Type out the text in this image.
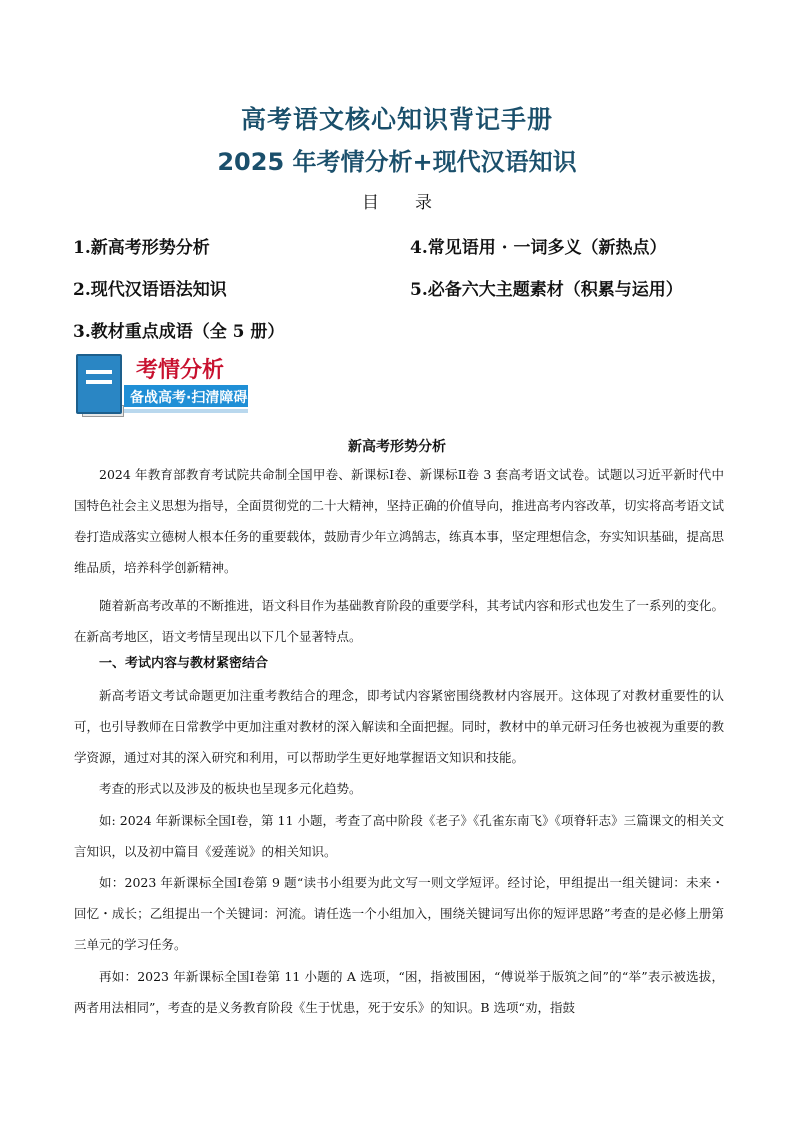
高考语文核心知识背记手册
2025 年考情分析+现代汉语知识
目录
1.新高考形势分析
2.现代汉语语法知识
3.教材重点成语（全 5 册）
4.常见语用 · 一词多义（新热点）
5.必备六大主题素材（积累与运用）
考情分析
备战高考·扫清障碍
新高考形势分析
2024 年教育部教育考试院共命制全国甲卷、新课标Ⅰ卷、新课标Ⅱ卷 3 套高考语文试卷。试题以习近平新时代中国特色社会主义思想为指导，全面贯彻党的二十大精神，坚持正确的价值导向，推进高考内容改革，切实将高考语文试卷打造成落实立德树人根本任务的重要载体，鼓励青少年立鸿鹄志，练真本事，坚定理想信念，夯实知识基础，提高思维品质，培养科学创新精神。
随着新高考改革的不断推进，语文科目作为基础教育阶段的重要学科，其考试内容和形式也发生了一系列的变化。在新高考地区，语文考情呈现出以下几个显著特点。
一、考试内容与教材紧密结合
新高考语文考试命题更加注重考教结合的理念，即考试内容紧密围绕教材内容展开。这体现了对教材重要性的认可，也引导教师在日常教学中更加注重对教材的深入解读和全面把握。同时，教材中的单元研习任务也被视为重要的教学资源，通过对其的深入研究和利用，可以帮助学生更好地掌握语文知识和技能。
考查的形式以及涉及的板块也呈现多元化趋势。
如: 2024 年新课标全国Ⅰ卷，第 11 小题，考查了高中阶段《老子》《孔雀东南飞》《项脊轩志》三篇课文的相关文言知识，以及初中篇目《爱莲说》的相关知识。
如：2023 年新课标全国Ⅰ卷第 9 题“读书小组要为此文写一则文学短评。经讨论，甲组提出一组关键词：未来・回忆・成长；乙组提出一个关键词：河流。请任选一个小组加入，围绕关键词写出你的短评思路”考查的是必修上册第三单元的学习任务。
再如：2023 年新课标全国Ⅰ卷第 11 小题的 A 选项，“困，指被围困，“傅说举于版筑之间”的“举”表示被选拔，两者用法相同”，考查的是义务教育阶段《生于忧患，死于安乐》的知识。B 选项“劝，指鼓
